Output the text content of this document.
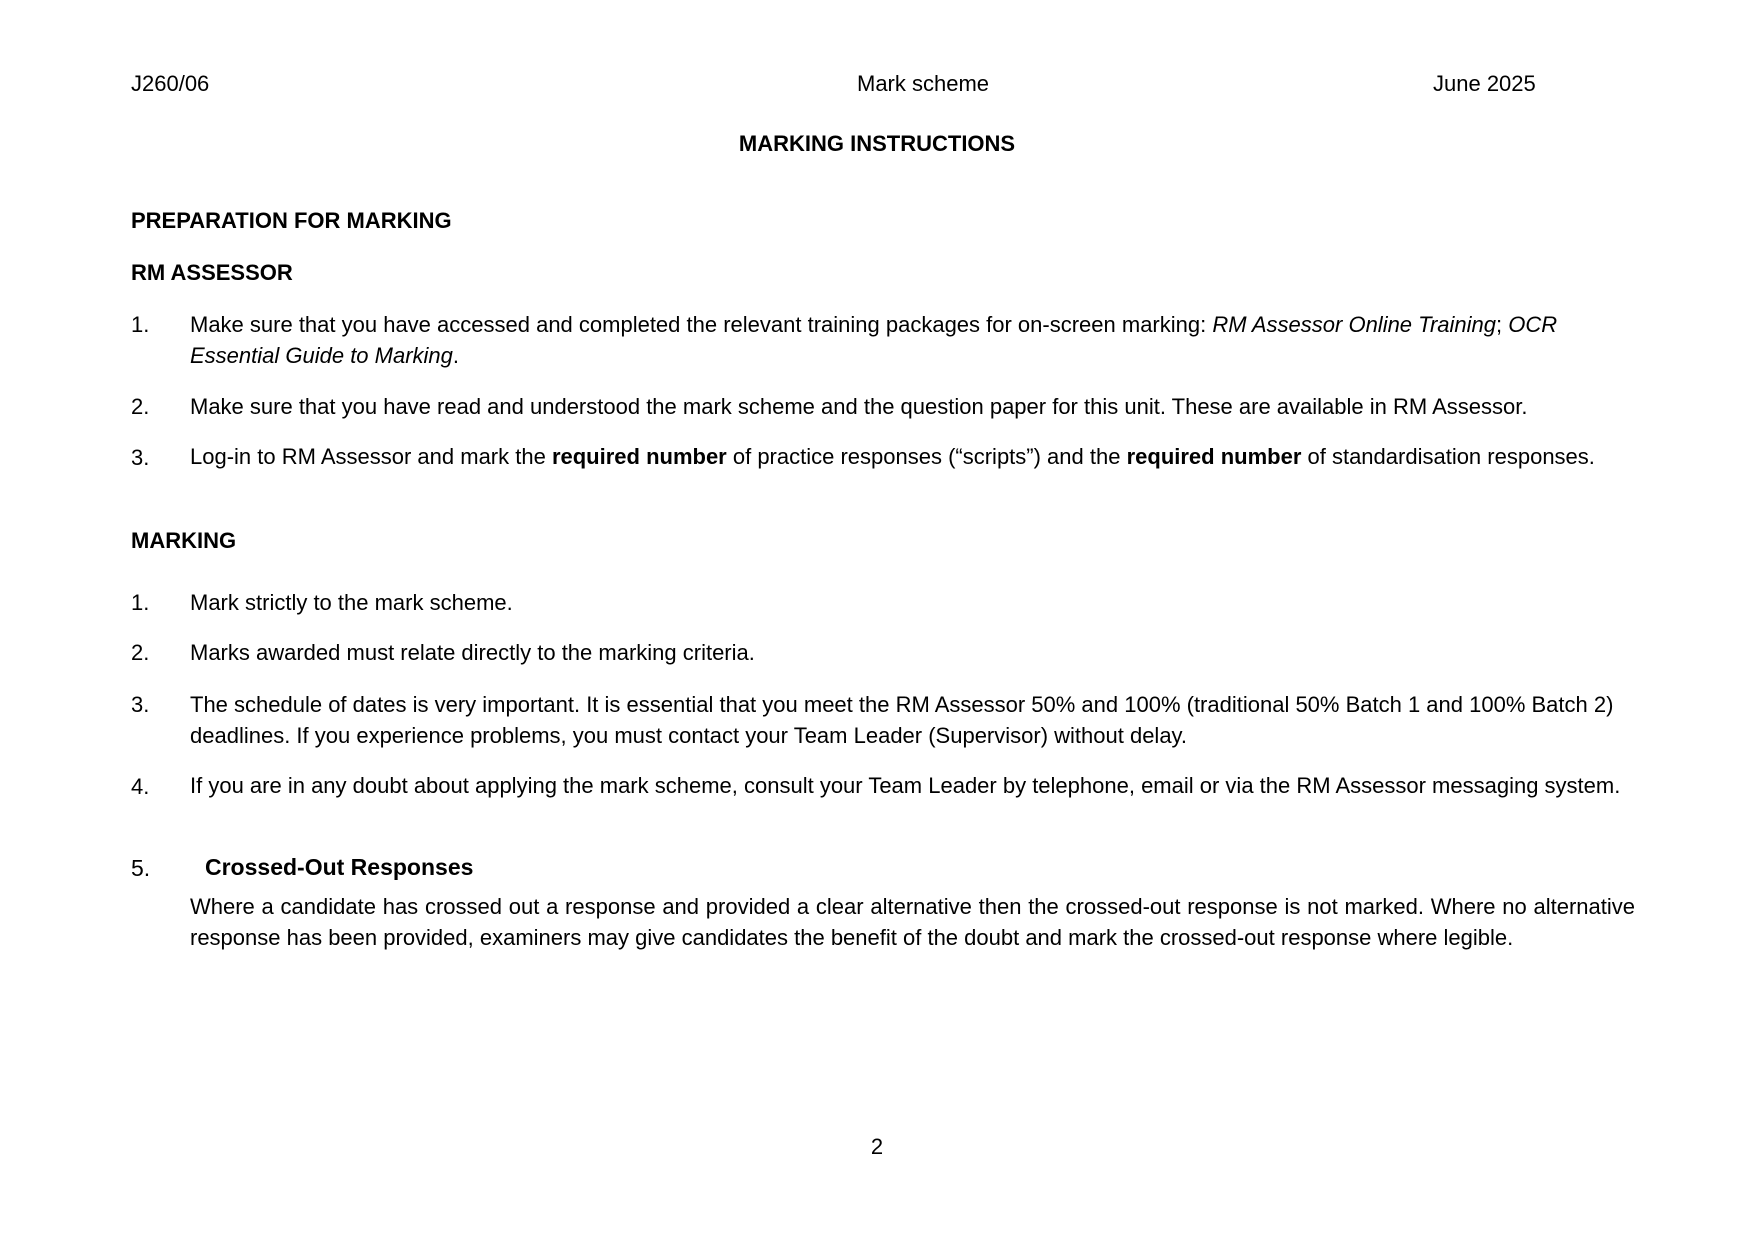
J260/06	Mark scheme	June 2025
MARKING INSTRUCTIONS
PREPARATION FOR MARKING
RM ASSESSOR
1. Make sure that you have accessed and completed the relevant training packages for on-screen marking: RM Assessor Online Training; OCR Essential Guide to Marking.
2. Make sure that you have read and understood the mark scheme and the question paper for this unit. These are available in RM Assessor.
3. Log-in to RM Assessor and mark the required number of practice responses (“scripts”) and the required number of standardisation responses.
MARKING
1. Mark strictly to the mark scheme.
2. Marks awarded must relate directly to the marking criteria.
3. The schedule of dates is very important. It is essential that you meet the RM Assessor 50% and 100% (traditional 50% Batch 1 and 100% Batch 2) deadlines. If you experience problems, you must contact your Team Leader (Supervisor) without delay.
4. If you are in any doubt about applying the mark scheme, consult your Team Leader by telephone, email or via the RM Assessor messaging system.
5. Crossed-Out Responses
Where a candidate has crossed out a response and provided a clear alternative then the crossed-out response is not marked. Where no alternative response has been provided, examiners may give candidates the benefit of the doubt and mark the crossed-out response where legible.
2
